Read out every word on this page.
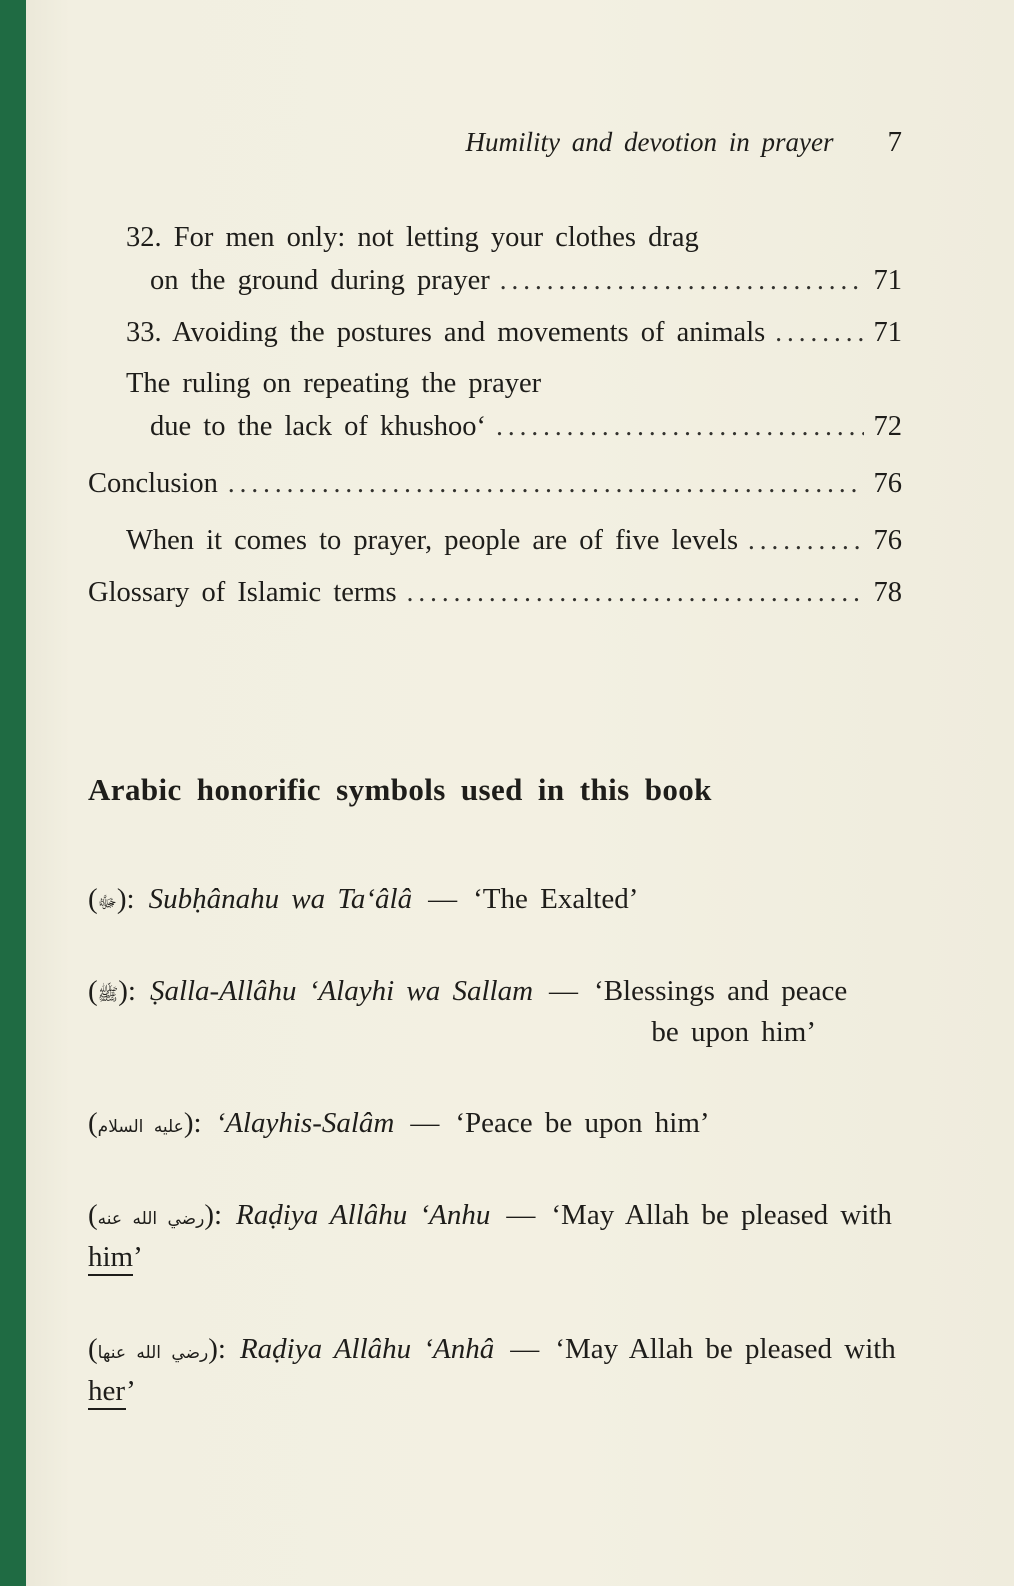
Humility and devotion in prayer 7
32. For men only: not letting your clothes drag
on the ground during prayer .....	71
33. Avoiding the postures and movements of animals .....	71
The ruling on repeating the prayer
due to the lack of khushoo‘ .....	72
Conclusion .....	76
When it comes to prayer, people are of five levels .....	76
Glossary of Islamic terms .....	78
Arabic honorific symbols used in this book
(ﷻ): Subḥânahu wa Ta‘âlâ — ‘The Exalted’
(ﷺ): Ṣalla-Allâhu ‘Alayhi wa Sallam — ‘Blessings and peace
be upon him’
(عليه السلام): ‘Alayhis-Salâm — ‘Peace be upon him’
(رضي الله عنه): Raḍiya Allâhu ‘Anhu — ‘May Allah be pleased with him’
(رضي الله عنها): Raḍiya Allâhu ‘Anhâ — ‘May Allah be pleased with her’
